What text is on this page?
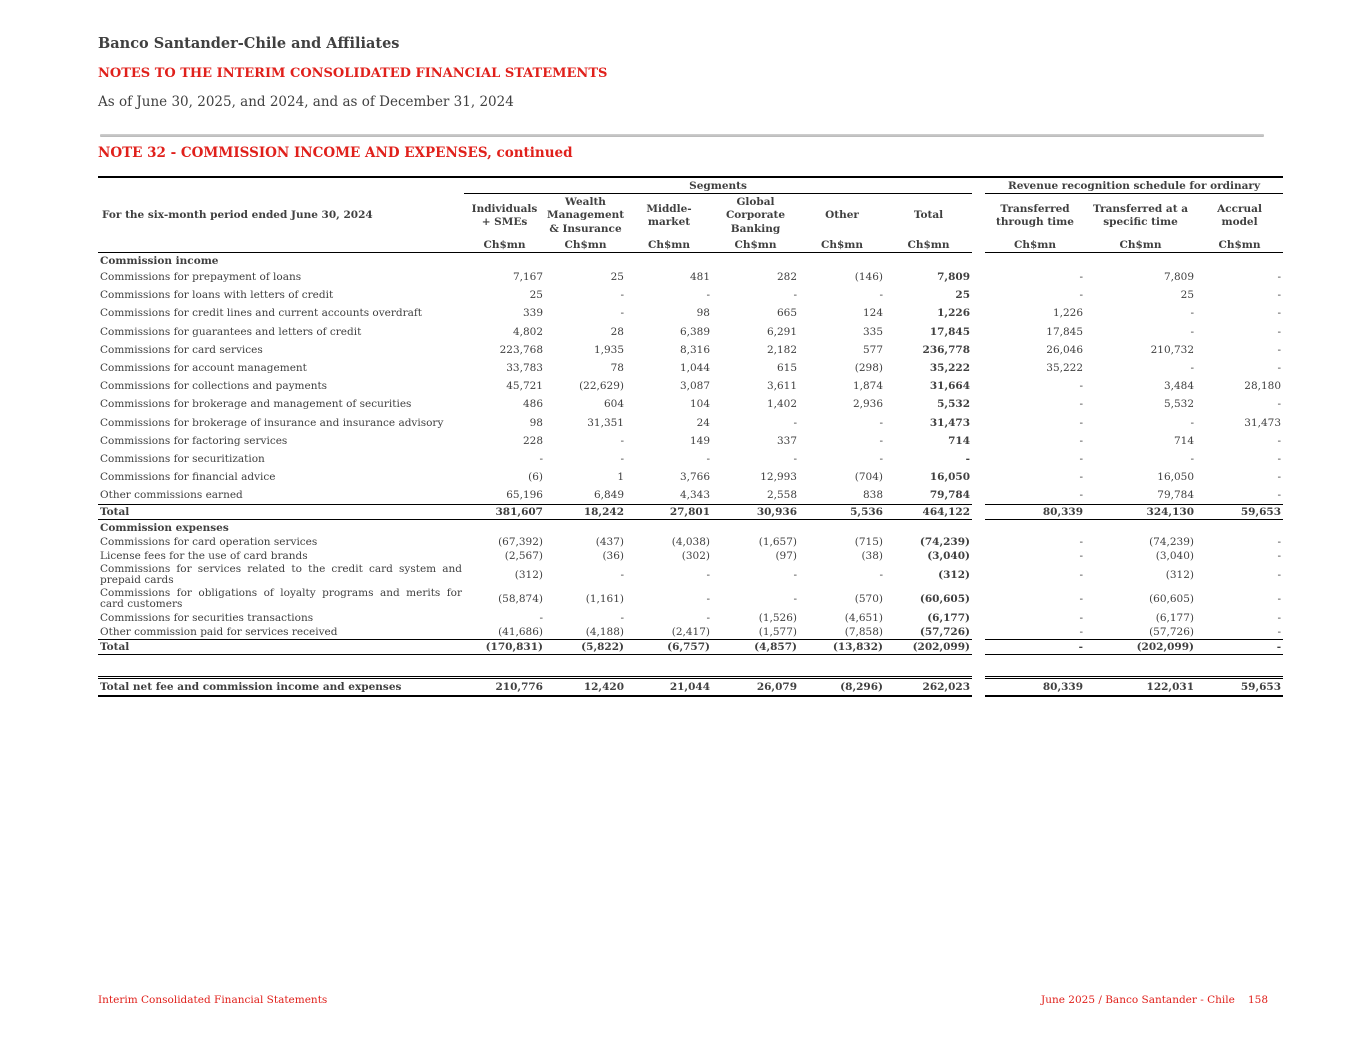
Banco Santander-Chile and Affiliates
NOTES TO THE INTERIM CONSOLIDATED FINANCIAL STATEMENTS
As of June 30, 2025, and 2024, and as of December 31, 2024
NOTE 32 - COMMISSION INCOME AND EXPENSES, continued
	Segments							Revenue recognition schedule for ordinary		
For the six-month period ended June 30, 2024	Individuals + SMEs	Wealth Management & Insurance	Middle-market	Global Corporate Banking	Other	Total		Transferred through time	Transferred at a specific time	Accrual model
	Ch$mn	Ch$mn	Ch$mn	Ch$mn	Ch$mn	Ch$mn		Ch$mn	Ch$mn	Ch$mn
Commission income										
Commissions for prepayment of loans	7,167	25	481	282	(146)	7,809		-	7,809	-
Commissions for loans with letters of credit	25	-	-	-	-	25		-	25	-
Commissions for credit lines and current accounts overdraft	339	-	98	665	124	1,226		1,226	-	-
Commissions for guarantees and letters of credit	4,802	28	6,389	6,291	335	17,845		17,845	-	-
Commissions for card services	223,768	1,935	8,316	2,182	577	236,778		26,046	210,732	-
Commissions for account management	33,783	78	1,044	615	(298)	35,222		35,222	-	-
Commissions for collections and payments	45,721	(22,629)	3,087	3,611	1,874	31,664		-	3,484	28,180
Commissions for brokerage and management of securities	486	604	104	1,402	2,936	5,532		-	5,532	-
Commissions for brokerage of insurance and insurance advisory	98	31,351	24	-	-	31,473		-	-	31,473
Commissions for factoring services	228	-	149	337	-	714		-	714	-
Commissions for securitization	-	-	-	-	-	-		-	-	-
Commissions for financial advice	(6)	1	3,766	12,993	(704)	16,050		-	16,050	-
Other commissions earned	65,196	6,849	4,343	2,558	838	79,784		-	79,784	-
Total	381,607	18,242	27,801	30,936	5,536	464,122		80,339	324,130	59,653
Commission expenses										
Commissions for card operation services	(67,392)	(437)	(4,038)	(1,657)	(715)	(74,239)		-	(74,239)	-
License fees for the use of card brands	(2,567)	(36)	(302)	(97)	(38)	(3,040)		-	(3,040)	-
Commissions for services related to the credit card system and prepaid cards	(312)	-	-	-	-	(312)		-	(312)	-
Commissions for obligations of loyalty programs and merits for card customers	(58,874)	(1,161)	-	-	(570)	(60,605)		-	(60,605)	-
Commissions for securities transactions	-	-	-	(1,526)	(4,651)	(6,177)		-	(6,177)	-
Other commission paid for services received	(41,686)	(4,188)	(2,417)	(1,577)	(7,858)	(57,726)		-	(57,726)	-
Total	(170,831)	(5,822)	(6,757)	(4,857)	(13,832)	(202,099)		-	(202,099)	-

Total net fee and commission income and expenses	210,776	12,420	21,044	26,079	(8,296)	262,023		80,339	122,031	59,653
Interim Consolidated Financial Statements	June 2025 / Banco Santander - Chile 158
